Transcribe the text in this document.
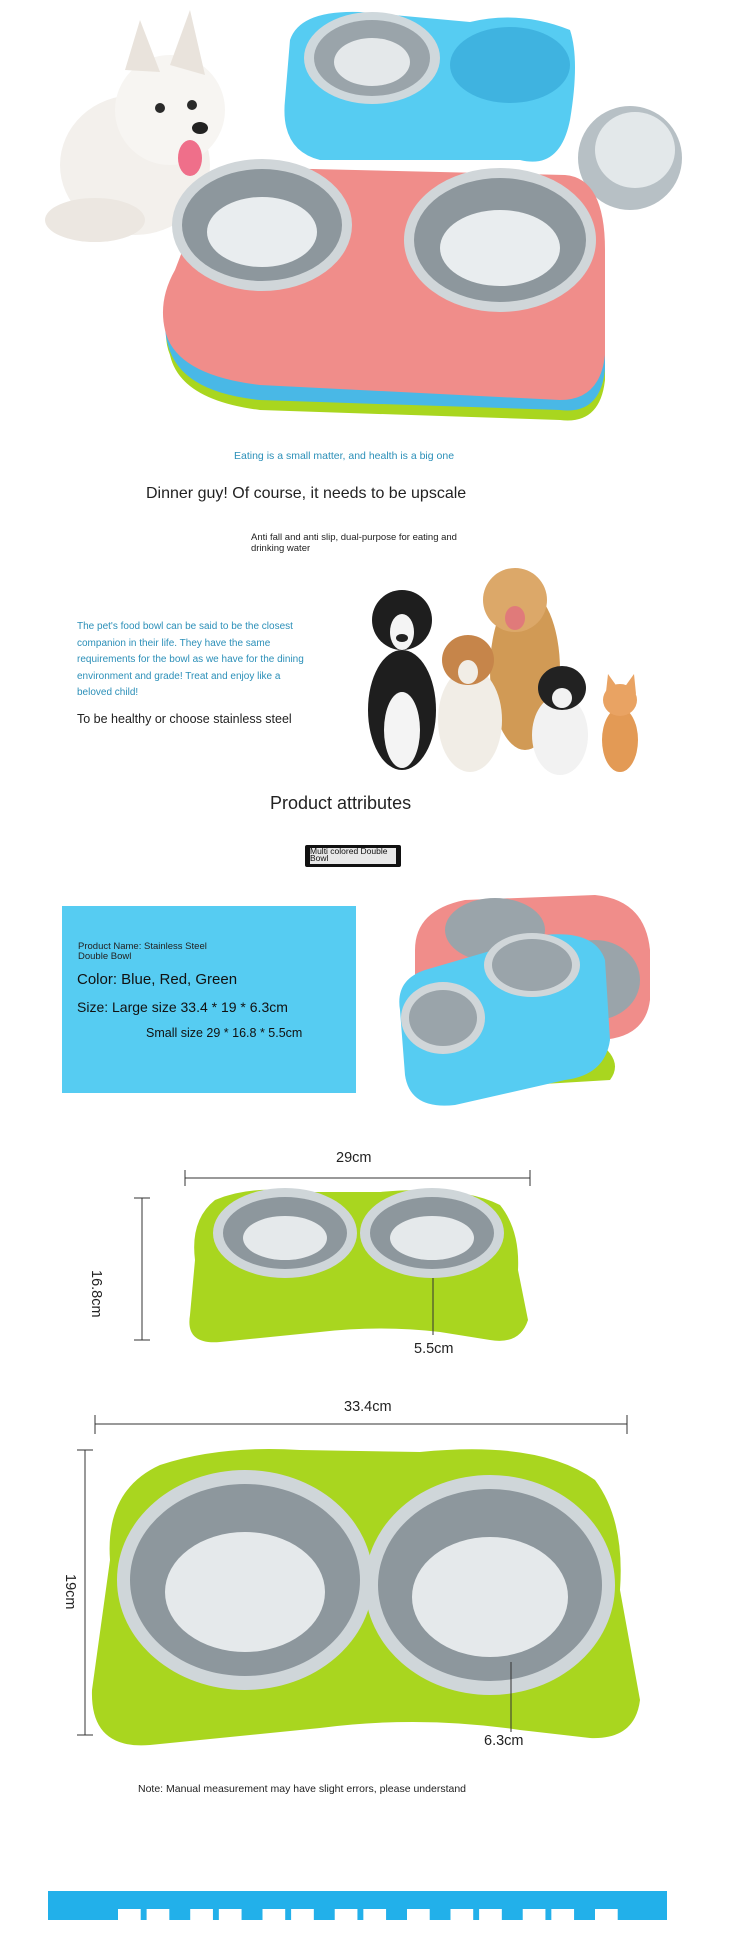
Eating is a small matter, and health is a big one
Dinner guy! Of course, it needs to be upscale
Anti fall and anti slip, dual-purpose for eating and drinking water
The pet's food bowl can be said to be the closest companion in their life. They have the same requirements for the bowl as we have for the dining environment and grade! Treat and enjoy like a beloved child!
To be healthy or choose stainless steel
Product attributes
Multi colored Double Bowl
Product Name: Stainless Steel Double Bowl
Color: Blue, Red, Green
Size: Large size 33.4 * 19 * 6.3cm
Small size 29 * 16.8 * 5.5cm
29cm
16.8cm
5.5cm
33.4cm
19cm
6.3cm
Note: Manual measurement may have slight errors, please understand
▀▀ ▀▀ ▀▀ ▀▀ ▀ ▀▀ ▀▀ ▀
